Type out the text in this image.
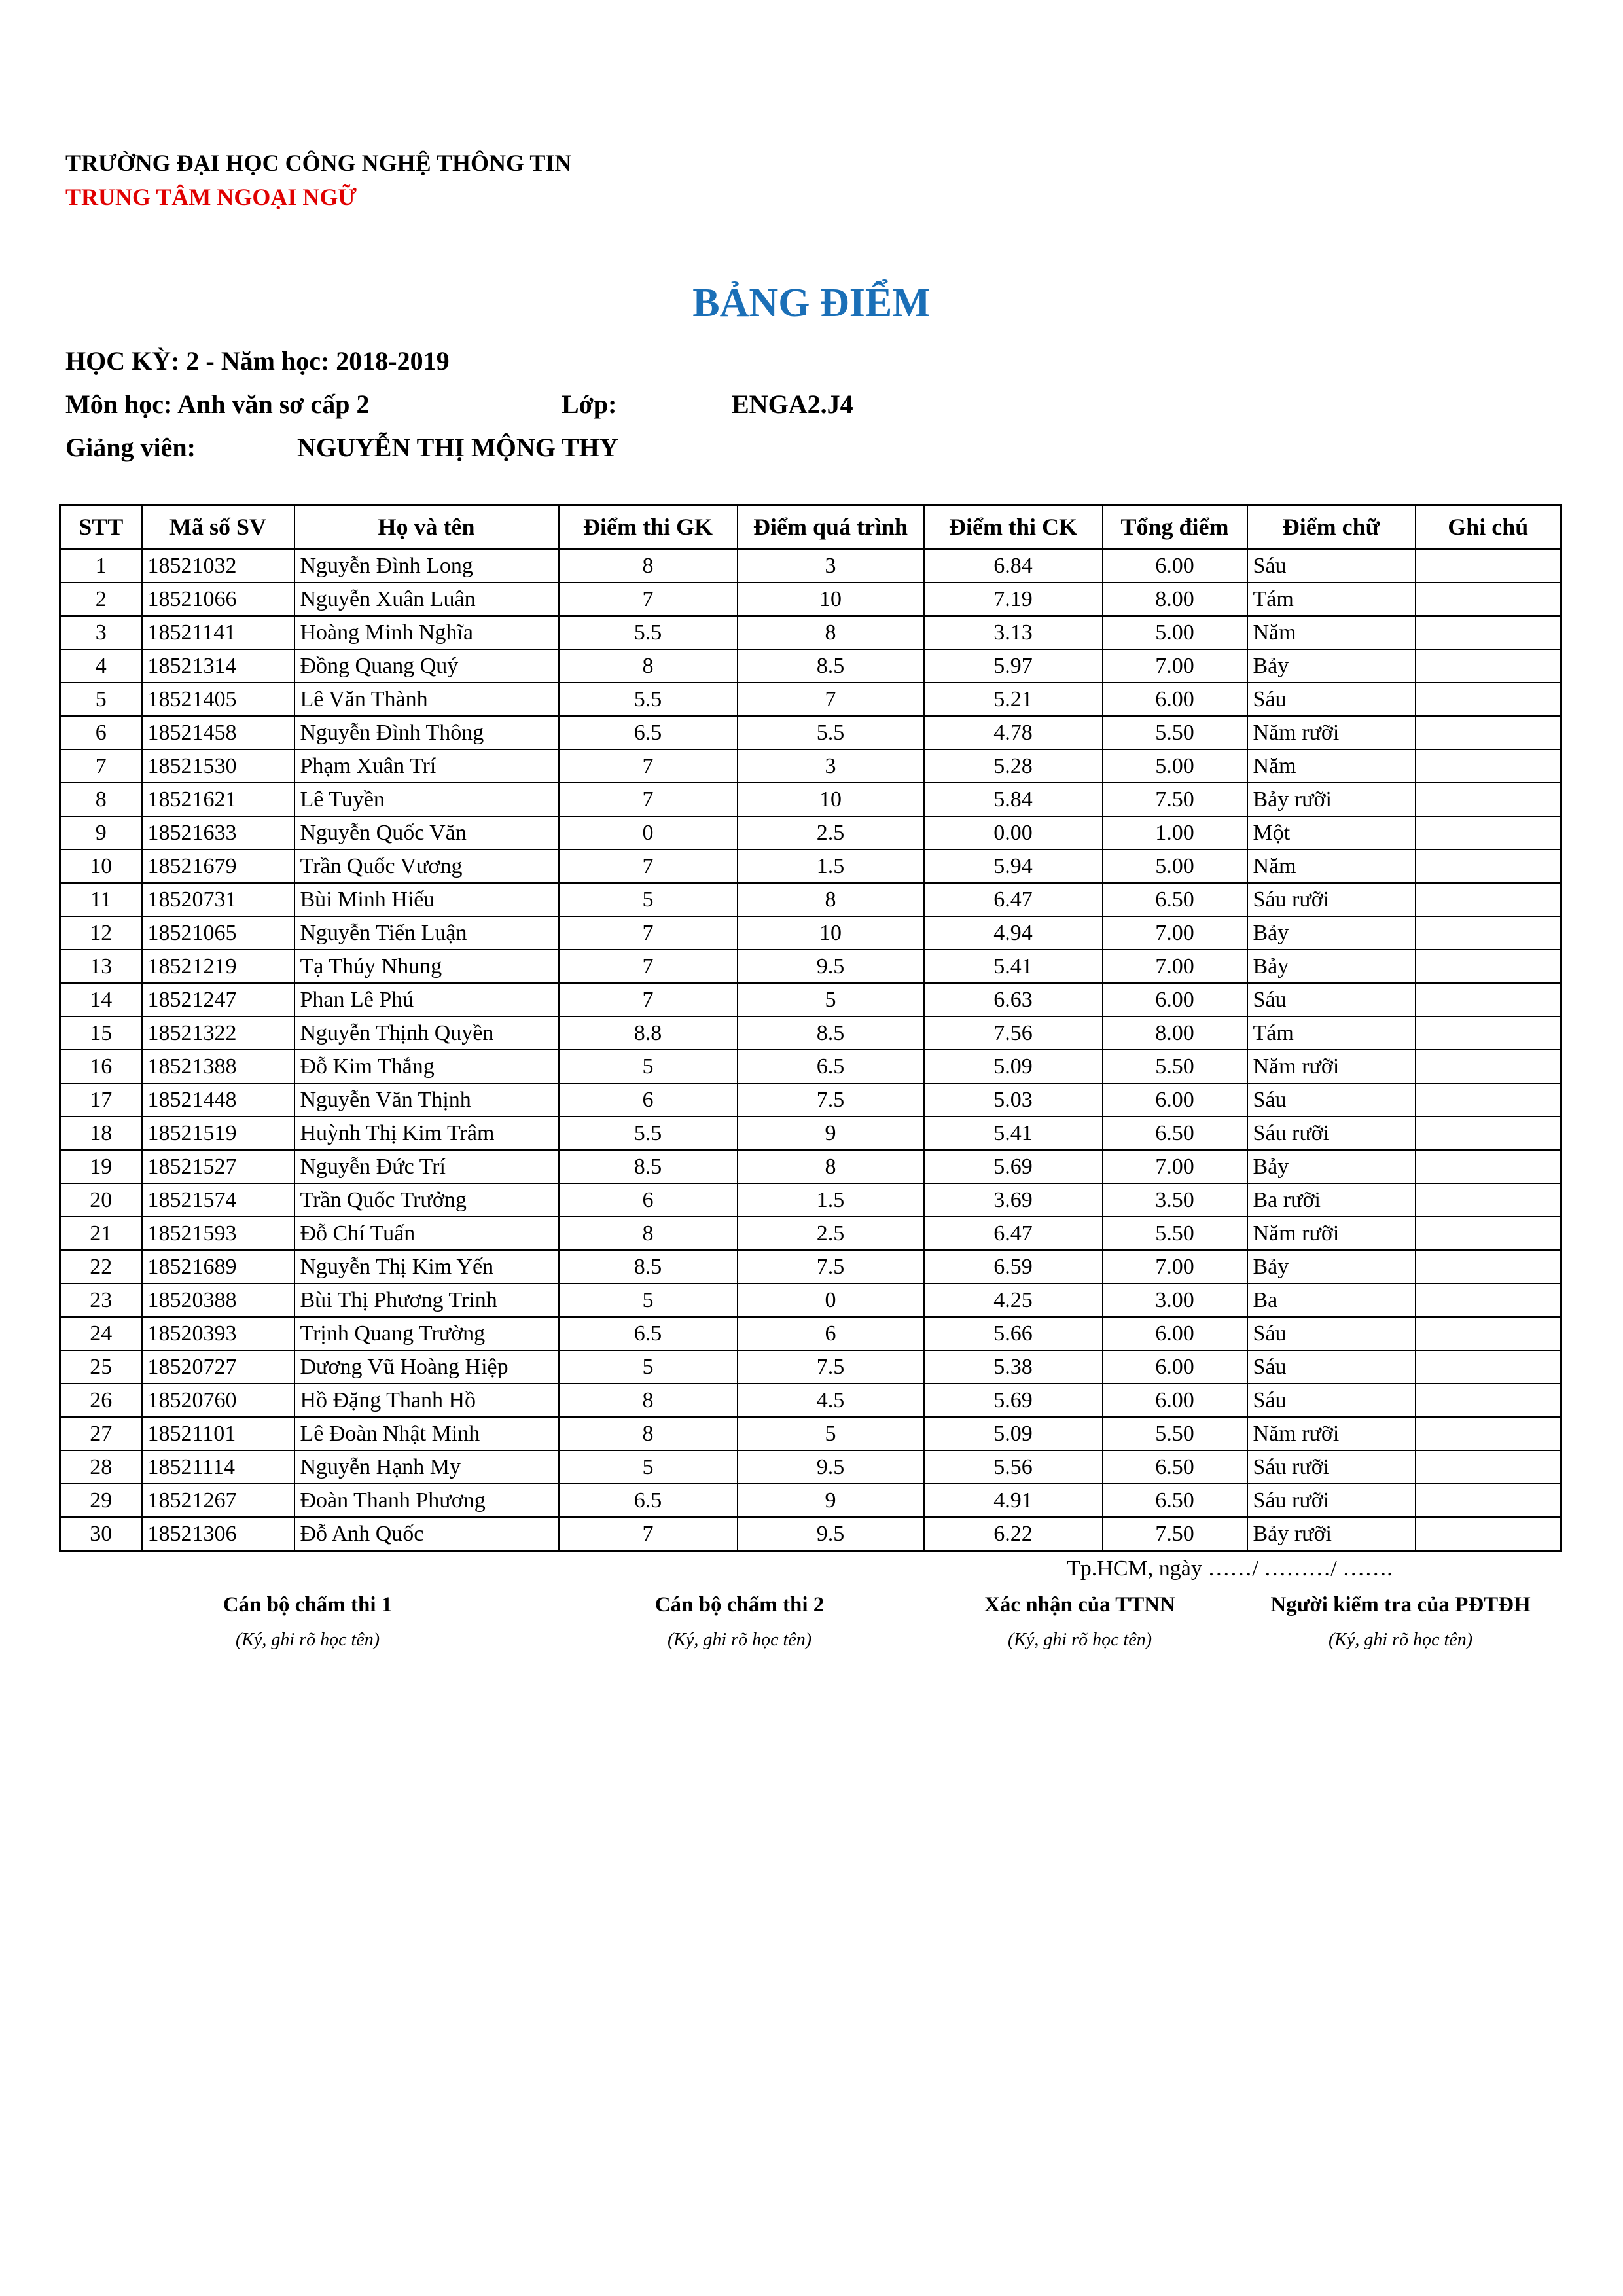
TRƯỜNG ĐẠI HỌC CÔNG NGHỆ THÔNG TIN
TRUNG TÂM NGOẠI NGỮ
BẢNG ĐIỂM
HỌC KỲ: 2 - Năm học: 2018-2019
Môn học: Anh văn sơ cấp 2	Lớp:	ENGA2.J4
Giảng viên:	NGUYỄN THỊ MỘNG THY
STT	Mã số SV	Họ và tên	Điểm thi GK	Điểm quá trình	Điểm thi CK	Tổng điểm	Điểm chữ	Ghi chú
1	18521032	Nguyễn Đình Long	8	3	6.84	6.00	Sáu	
2	18521066	Nguyễn Xuân Luân	7	10	7.19	8.00	Tám	
3	18521141	Hoàng Minh Nghĩa	5.5	8	3.13	5.00	Năm	
4	18521314	Đồng Quang Quý	8	8.5	5.97	7.00	Bảy	
5	18521405	Lê Văn Thành	5.5	7	5.21	6.00	Sáu	
6	18521458	Nguyễn Đình Thông	6.5	5.5	4.78	5.50	Năm rưỡi	
7	18521530	Phạm Xuân Trí	7	3	5.28	5.00	Năm	
8	18521621	Lê Tuyền	7	10	5.84	7.50	Bảy rưỡi	
9	18521633	Nguyễn Quốc Văn	0	2.5	0.00	1.00	Một	
10	18521679	Trần Quốc Vương	7	1.5	5.94	5.00	Năm	
11	18520731	Bùi Minh Hiếu	5	8	6.47	6.50	Sáu rưỡi	
12	18521065	Nguyễn Tiến Luận	7	10	4.94	7.00	Bảy	
13	18521219	Tạ Thúy Nhung	7	9.5	5.41	7.00	Bảy	
14	18521247	Phan Lê Phú	7	5	6.63	6.00	Sáu	
15	18521322	Nguyễn Thịnh Quyền	8.8	8.5	7.56	8.00	Tám	
16	18521388	Đỗ Kim Thắng	5	6.5	5.09	5.50	Năm rưỡi	
17	18521448	Nguyễn Văn Thịnh	6	7.5	5.03	6.00	Sáu	
18	18521519	Huỳnh Thị Kim Trâm	5.5	9	5.41	6.50	Sáu rưỡi	
19	18521527	Nguyễn Đức Trí	8.5	8	5.69	7.00	Bảy	
20	18521574	Trần Quốc Trưởng	6	1.5	3.69	3.50	Ba rưỡi	
21	18521593	Đỗ Chí Tuấn	8	2.5	6.47	5.50	Năm rưỡi	
22	18521689	Nguyễn Thị Kim Yến	8.5	7.5	6.59	7.00	Bảy	
23	18520388	Bùi Thị Phương Trinh	5	0	4.25	3.00	Ba	
24	18520393	Trịnh Quang Trường	6.5	6	5.66	6.00	Sáu	
25	18520727	Dương Vũ Hoàng Hiệp	5	7.5	5.38	6.00	Sáu	
26	18520760	Hồ Đặng Thanh Hồ	8	4.5	5.69	6.00	Sáu	
27	18521101	Lê Đoàn Nhật Minh	8	5	5.09	5.50	Năm rưỡi	
28	18521114	Nguyễn Hạnh My	5	9.5	5.56	6.50	Sáu rưỡi	
29	18521267	Đoàn Thanh Phương	6.5	9	4.91	6.50	Sáu rưỡi	
30	18521306	Đỗ Anh Quốc	7	9.5	6.22	7.50	Bảy rưỡi	
Tp.HCM, ngày ……/ ………/ …….
Cán bộ chấm thi 1
(Ký, ghi rõ học tên)
Cán bộ chấm thi 2
(Ký, ghi rõ học tên)
Xác nhận của TTNN
(Ký, ghi rõ học tên)
Người kiểm tra của PĐTĐH
(Ký, ghi rõ học tên)
